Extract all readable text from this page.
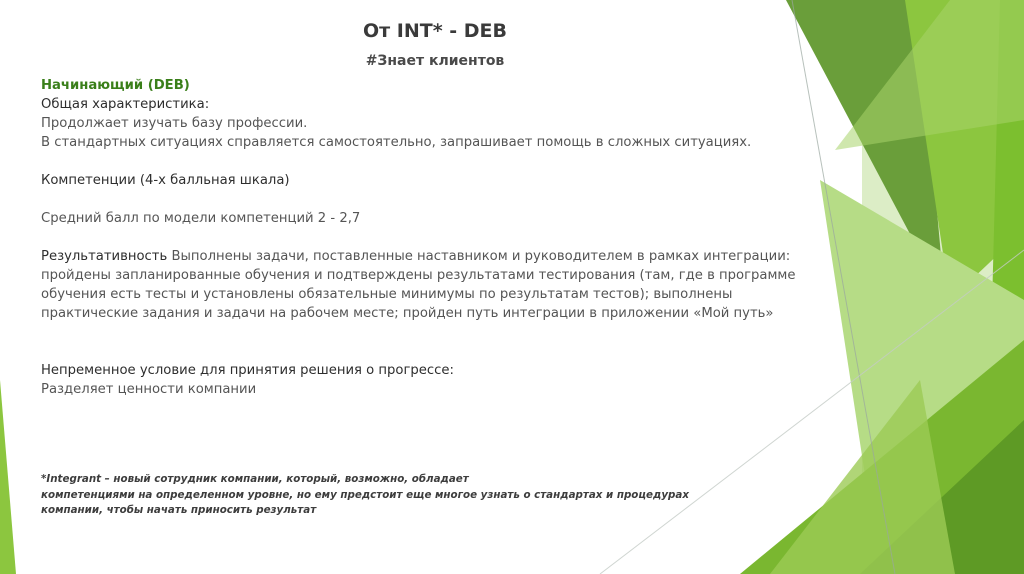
От INT* - DEB
#Знает клиентов

Начинающий (DEB)

Общая характеристика:

Продолжает изучать базу профессии.

В стандартных ситуациях справляется самостоятельно, запрашивает помощь в сложных ситуациях.

Компетенции (4-х балльная шкала)

Средний балл по модели компетенций 2 - 2,7

Результативность Выполнены задачи, поставленные наставником и руководителем в рамках интеграции:

пройдены запланированные обучения и подтверждены результатами тестирования (там, где в программе

обучения есть тесты и установлены обязательные минимумы по результатам тестов); выполнены

практические задания и задачи на рабочем месте; пройден путь интеграции в приложении «Мой путь»

Непременное условие для принятия решения о прогрессе:

Разделяет ценности компании

*Integrant – новый сотрудник компании, который, возможно, обладает
компетенциями на определенном уровне, но ему предстоит еще многое узнать о стандартах и процедурах
компании, чтобы начать приносить результат
